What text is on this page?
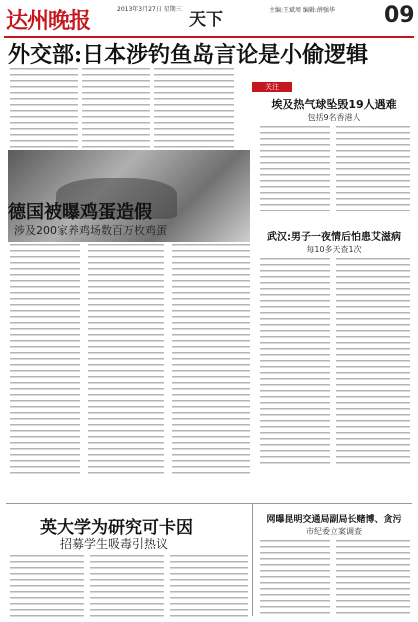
达州晚报	2013年3月27日 星期三
天下	主编:王斌周 编辑:薛强华	09
外交部:日本涉钓鱼岛言论是小偷逻辑
德国被曝鸡蛋造假
涉及200家养鸡场数百万枚鸡蛋
关注
埃及热气球坠毁19人遇难
包括9名香港人
武汉:男子一夜情后怕患艾滋病
每10多天查1次
英大学为研究可卡因
招募学生吸毒引热议
网曝昆明交通局副局长赌博、贪污
市纪委立案调查
